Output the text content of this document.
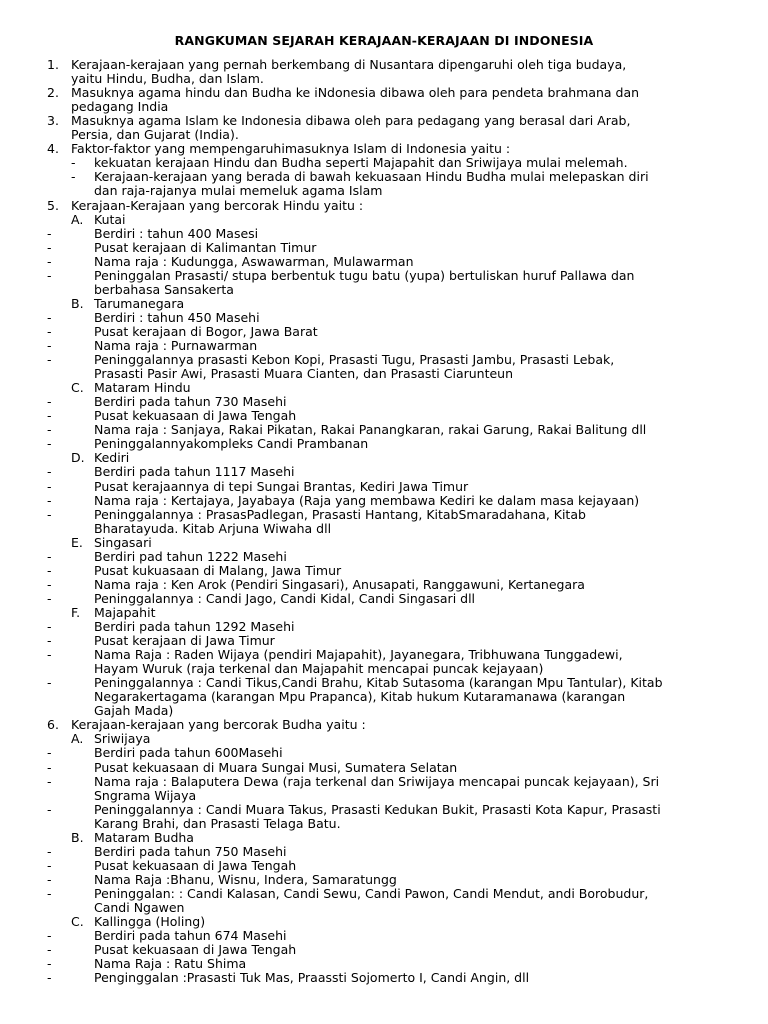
RANGKUMAN SEJARAH KERAJAAN-KERAJAAN DI INDONESIA
1. Kerajaan-kerajaan yang pernah berkembang di Nusantara dipengaruhi oleh tiga budaya,
yaitu Hindu, Budha, dan Islam.
2. Masuknya agama hindu dan Budha ke iNdonesia dibawa oleh para pendeta brahmana dan
pedagang India
3. Masuknya agama Islam ke Indonesia dibawa oleh para pedagang yang berasal dari Arab,
Persia, dan Gujarat (India).
4. Faktor-faktor yang mempengaruhimasuknya Islam di Indonesia yaitu :
- kekuatan kerajaan Hindu dan Budha seperti Majapahit dan Sriwijaya mulai melemah.
- Kerajaan-kerajaan yang berada di bawah kekuasaan Hindu Budha mulai melepaskan diri
dan raja-rajanya mulai memeluk agama Islam
5. Kerajaan-Kerajaan yang bercorak Hindu yaitu :
A. Kutai
-	Berdiri : tahun 400 Masesi
-	Pusat kerajaan di Kalimantan Timur
-	Nama raja : Kudungga, Aswawarman, Mulawarman
-	Peninggalan Prasasti/ stupa berbentuk tugu batu (yupa) bertuliskan huruf Pallawa dan
berbahasa Sansakerta
B. Tarumanegara
-	Berdiri : tahun 450 Masehi
-	Pusat kerajaan di Bogor, Jawa Barat
-	Nama raja : Purnawarman
-	Peninggalannya prasasti Kebon Kopi, Prasasti Tugu, Prasasti Jambu, Prasasti Lebak,
Prasasti Pasir Awi, Prasasti Muara Cianten, dan Prasasti Ciarunteun
C. Mataram Hindu
-	Berdiri pada tahun 730 Masehi
-	Pusat kekuasaan di Jawa Tengah
-	Nama raja : Sanjaya, Rakai Pikatan, Rakai Panangkaran, rakai Garung, Rakai Balitung dll
-	Peninggalannyakompleks Candi Prambanan
D. Kediri
-	Berdiri pada tahun 1117 Masehi
-	Pusat kerajaannya di tepi Sungai Brantas, Kediri Jawa Timur
-	Nama raja : Kertajaya, Jayabaya (Raja yang membawa Kediri ke dalam masa kejayaan)
-	Peninggalannya : PrasasPadlegan, Prasasti Hantang, KitabSmaradahana, Kitab
Bharatayuda. Kitab Arjuna Wiwaha dll
E. Singasari
-	Berdiri pad tahun 1222 Masehi
-	Pusat kukuasaan di Malang, Jawa Timur
-	Nama raja : Ken Arok (Pendiri Singasari), Anusapati, Ranggawuni, Kertanegara
-	Peninggalannya : Candi Jago, Candi Kidal, Candi Singasari dll
F. Majapahit
-	Berdiri pada tahun 1292 Masehi
-	Pusat kerajaan di Jawa Timur
-	Nama Raja : Raden Wijaya (pendiri Majapahit), Jayanegara, Tribhuwana Tunggadewi,
Hayam Wuruk (raja terkenal dan Majapahit mencapai puncak kejayaan)
-	Peninggalannya : Candi Tikus,Candi Brahu, Kitab Sutasoma (karangan Mpu Tantular), Kitab
Negarakertagama (karangan Mpu Prapanca), Kitab hukum Kutaramanawa (karangan
Gajah Mada)
6. Kerajaan-kerajaan yang bercorak Budha yaitu :
A. Sriwijaya
-	Berdiri pada tahun 600Masehi
-	Pusat kekuasaan di Muara Sungai Musi, Sumatera Selatan
-	Nama raja : Balaputera Dewa (raja terkenal dan Sriwijaya mencapai puncak kejayaan), Sri
Sngrama Wijaya
-	Peninggalannya : Candi Muara Takus, Prasasti Kedukan Bukit, Prasasti Kota Kapur, Prasasti
Karang Brahi, dan Prasasti Telaga Batu.
B. Mataram Budha
-	Berdiri pada tahun 750 Masehi
-	Pusat kekuasaan di Jawa Tengah
-	Nama Raja :Bhanu, Wisnu, Indera, Samaratungg
-	Peninggalan: : Candi Kalasan, Candi Sewu, Candi Pawon, Candi Mendut, andi Borobudur,
Candi Ngawen
C. Kallingga (Holing)
-	Berdiri pada tahun 674 Masehi
-	Pusat kekuasaan di Jawa Tengah
-	Nama Raja : Ratu Shima
-	Penginggalan :Prasasti Tuk Mas, Praassti Sojomerto I, Candi Angin, dll
